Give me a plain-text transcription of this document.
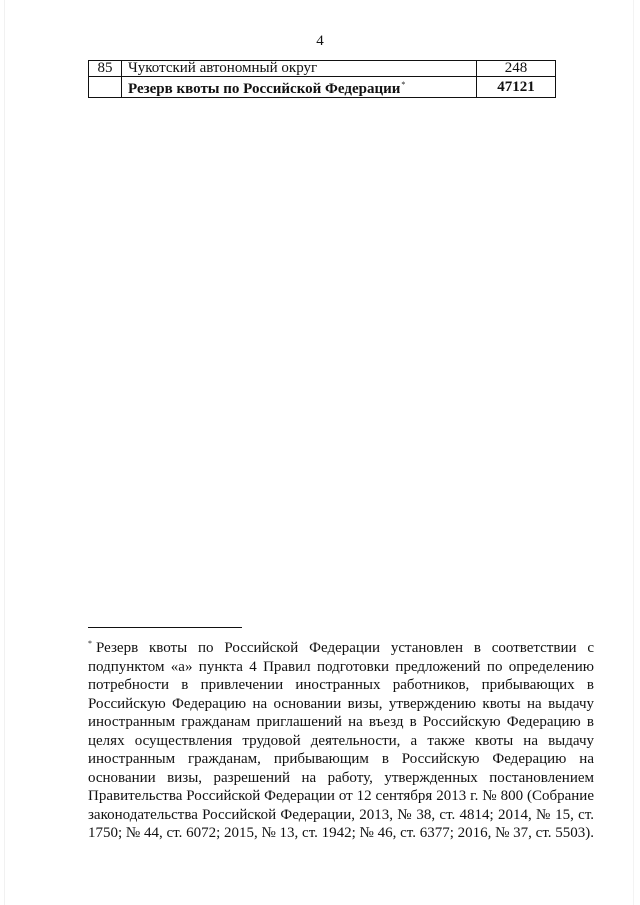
4
85	Чукотский автономный округ	248
	Резерв квоты по Российской Федерации*	47121

* Резерв квоты по Российской Федерации установлен в соответствии с подпунктом «а» пункта 4 Правил подготовки предложений по определению потребности в привлечении иностранных работников, прибывающих в Российскую Федерацию на основании визы, утверждению квоты на выдачу иностранным гражданам приглашений на въезд в Российскую Федерацию в целях осуществления трудовой деятельности, а также квоты на выдачу иностранным гражданам, прибывающим в Российскую Федерацию на основании визы, разрешений на работу, утвержденных постановлением Правительства Российской Федерации от 12 сентября 2013 г. № 800 (Собрание законодательства Российской Федерации, 2013, № 38, ст. 4814; 2014, № 15, ст. 1750; № 44, ст. 6072; 2015, № 13, ст. 1942; № 46, ст. 6377; 2016, № 37, ст. 5503).
